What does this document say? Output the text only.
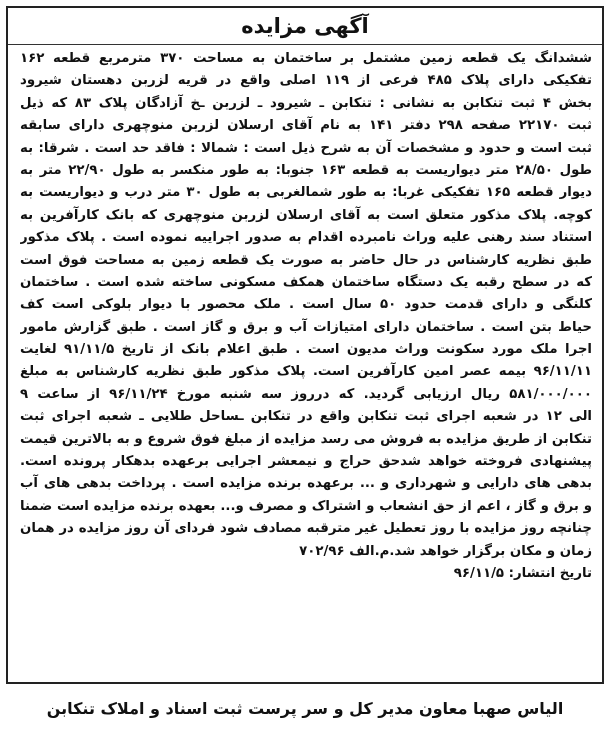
آگهی مزایده
ششدانگ یک قطعه زمین مشتمل بر ساختمان به مساحت ۳۷۰ مترمربع قطعه ۱۶۲
تفکیکی دارای پلاک ۴۸۵ فرعی از ۱۱۹ اصلی واقع در قریه لزربن دهستان شیرود
بخش ۴ ثبت تنکابن به نشانی : تنکابن ـ شیرود ـ لزربن ـخ آزادگان پلاک ۸۳ که ذیل
ثبت ۲۲۱۷۰ صفحه ۲۹۸ دفتر ۱۴۱ به نام آقای ارسلان لزربن منوچهری دارای سابقه
ثبت است و حدود و مشخصات آن به شرح ذیل است : شمالا : فاقد حد است . شرقا: به
طول ۲۸/۵۰ متر دیواریست به قطعه ۱۶۳ جنوبا: به طور منکسر به طول ۲۲/۹۰ متر به
دیوار قطعه ۱۶۵ تفکیکی غربا: به طور شمالغربی به طول ۳۰ متر درب و دیواریست به
کوچه. پلاک مذکور متعلق است به آقای ارسلان لزربن منوچهری که بانک کارآفرین به
استناد سند رهنی علیه وراث نامبرده اقدام به صدور اجراییه نموده است . پلاک مذکور
طبق نظریه کارشناس در حال حاضر به صورت یک قطعه زمین به مساحت فوق است
که در سطح رقبه یک دستگاه ساختمان همکف مسکونی ساخته شده است . ساختمان
کلنگی و دارای قدمت حدود ۵۰ سال است . ملک محصور با دیوار بلوکی است کف
حیاط بتن است . ساختمان دارای امتیازات آب و برق و گاز است . طبق گزارش مامور
اجرا ملک مورد سکونت وراث مدیون است . طبق اعلام بانک از تاریخ ۹۱/۱۱/۵ لغایت
۹۶/۱۱/۱۱ بیمه عصر امین کارآفرین است. پلاک مذکور طبق نظریه کارشناس به مبلغ
۵۸۱/۰۰۰/۰۰۰ ریال ارزیابی گردید. که درروز سه شنبه مورخ ۹۶/۱۱/۲۴ از ساعت ۹
الی ۱۲ در شعبه اجرای ثبت تنکابن واقع در تنکابن ـساحل طلایی ـ شعبه اجرای ثبت
تنکابن از طریق مزایده به فروش می رسد مزایده از مبلغ فوق شروع و به بالاترین قیمت
پیشنهادی فروخته خواهد شدحق حراج و نیمعشر اجرایی برعهده بدهکار پرونده است.
بدهی های دارایی و شهرداری و ... برعهده برنده مزایده است . پرداخت بدهی های آب
و برق و گاز ، اعم از حق انشعاب و اشتراک و مصرف و... بعهده برنده مزایده است ضمنا
چنانچه روز مزایده با روز تعطیل غیر مترقبه مصادف شود فردای آن روز مزایده در همان
زمان و مکان برگزار خواهد شد.م.الف ۷۰۲/۹۶
تاریخ انتشار: ۹۶/۱۱/۵
الیاس صهبا معاون مدیر کل و سر پرست ثبت اسناد و املاک تنکابن
